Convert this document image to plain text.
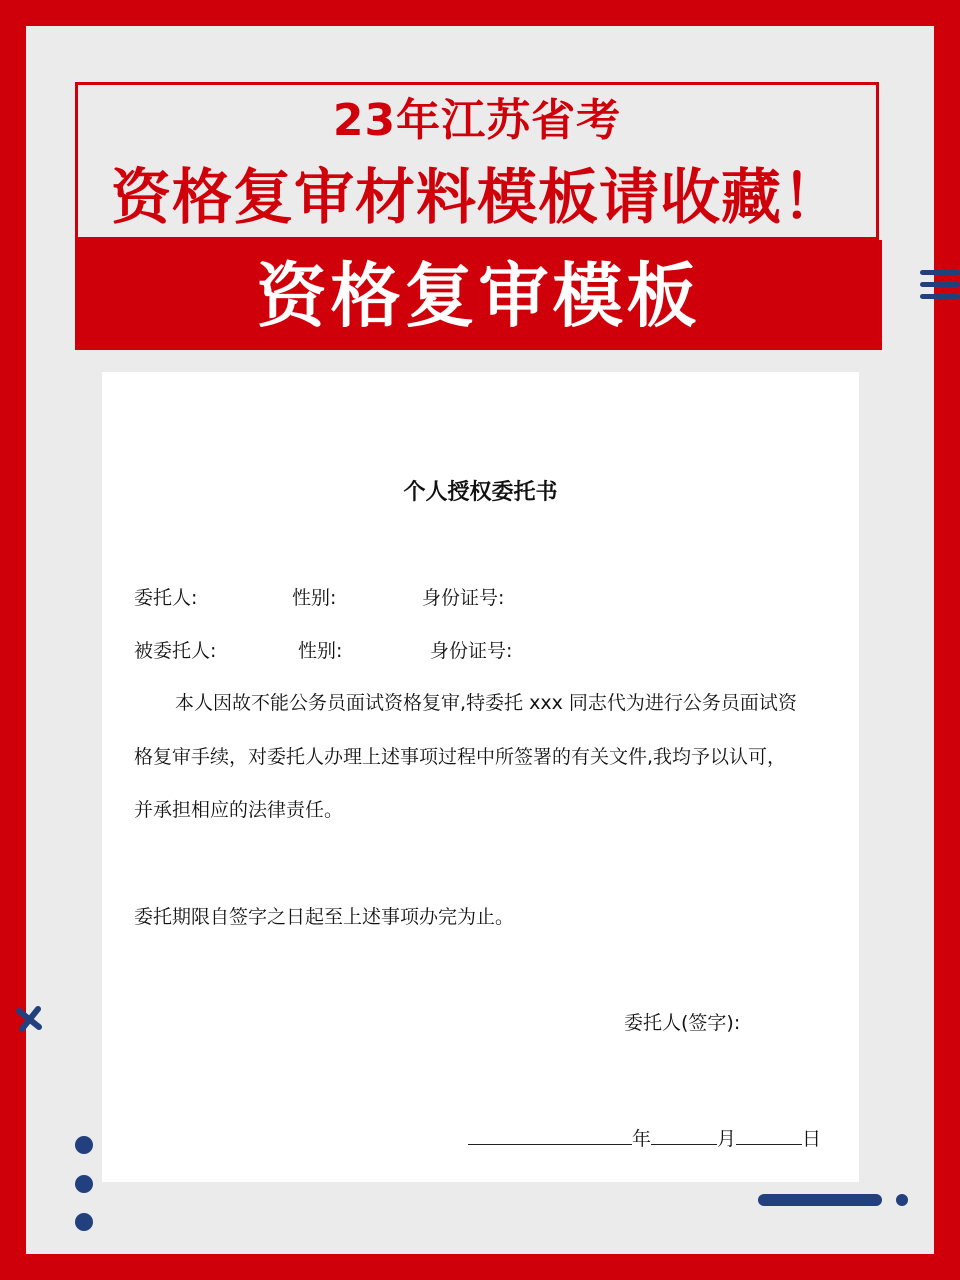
23年江苏省考
资格复审材料模板请收藏！
资格复审模板
个人授权委托书
委托人:	性别:	身份证号:
被委托人:	性别:	身份证号:
本人因故不能公务员面试资格复审,特委托 xxx 同志代为进行公务员面试资
格复审手续，对委托人办理上述事项过程中所签署的有关文件,我均予以认可，
并承担相应的法律责任。
委托期限自签字之日起至上述事项办完为止。
委托人(签字):
年	月	日
